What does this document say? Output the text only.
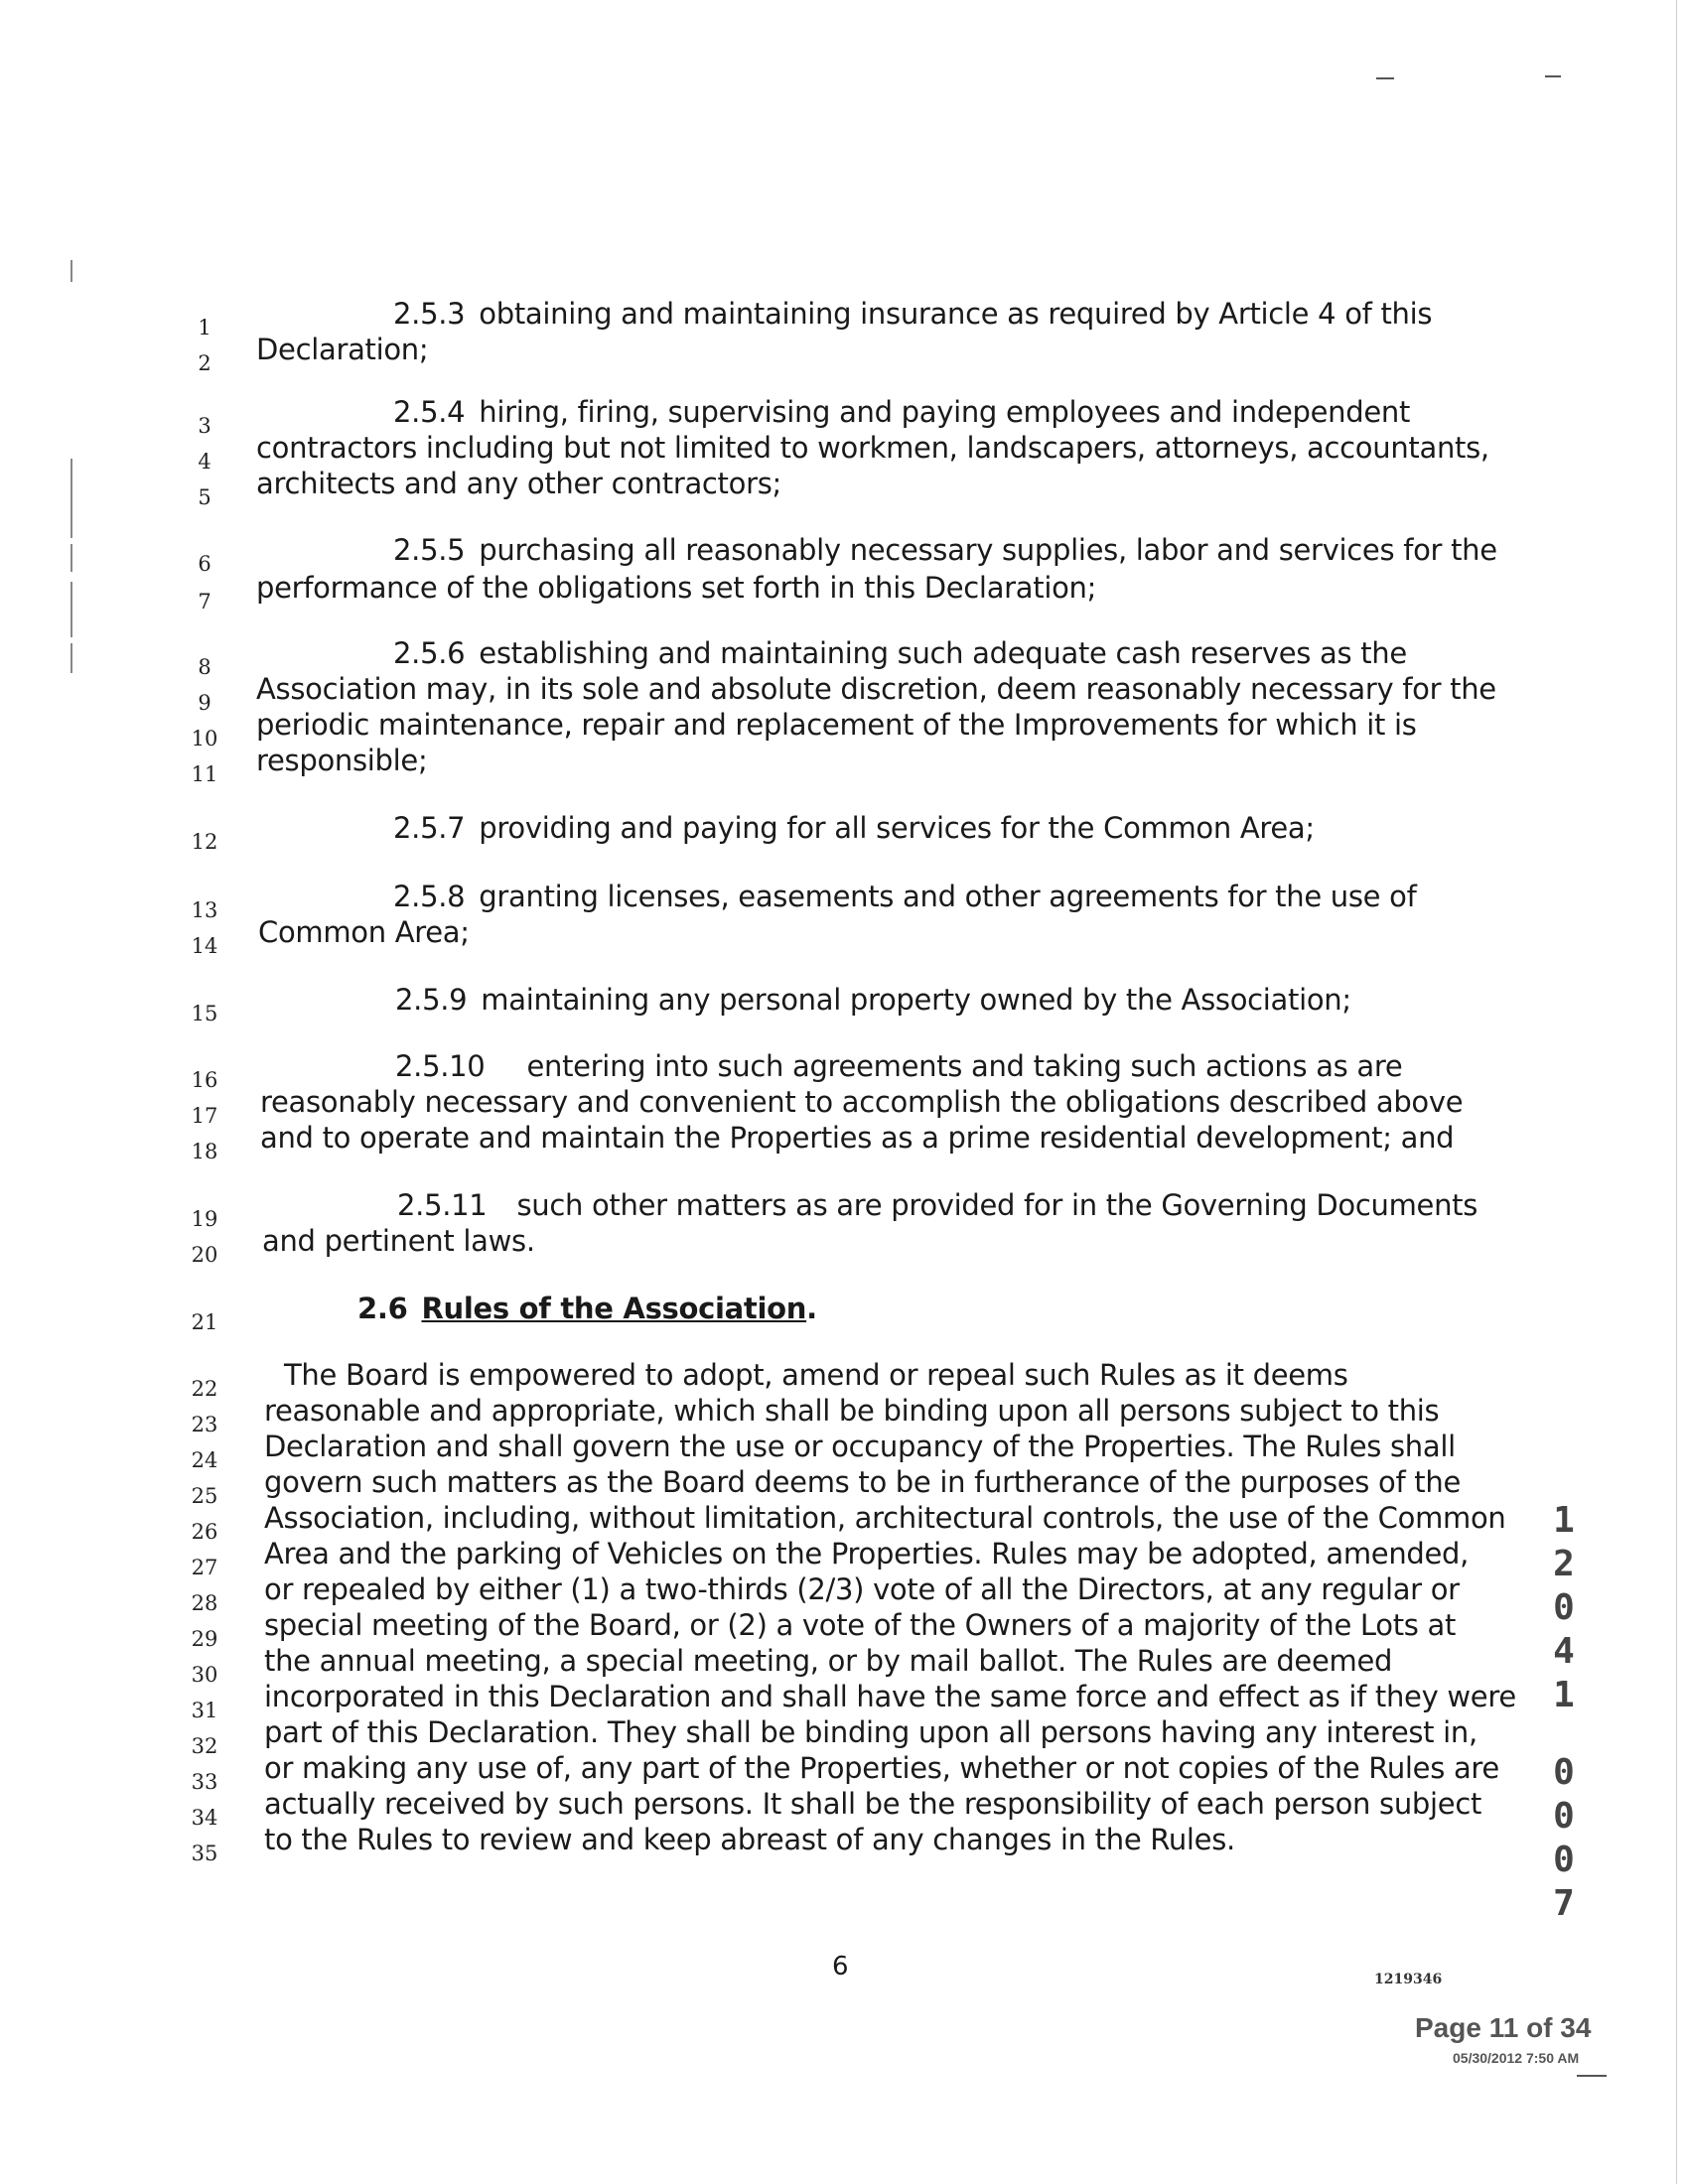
1
2
3
4
5
6
7
8
9
10
11
12
13
14
15
16
17
18
19
20
21
22
23
24
25
26
27
28
29
30
31
32
33
34
35
2.5.3 obtaining and maintaining insurance as required by Article 4 of this
Declaration;
2.5.4 hiring, firing, supervising and paying employees and independent
contractors including but not limited to workmen, landscapers, attorneys, accountants,
architects and any other contractors;
2.5.5 purchasing all reasonably necessary supplies, labor and services for the
performance of the obligations set forth in this Declaration;
2.5.6 establishing and maintaining such adequate cash reserves as the
Association may, in its sole and absolute discretion, deem reasonably necessary for the
periodic maintenance, repair and replacement of the Improvements for which it is
responsible;
2.5.7 providing and paying for all services for the Common Area;
2.5.8 granting licenses, easements and other agreements for the use of
Common Area;
2.5.9 maintaining any personal property owned by the Association;
2.5.10 entering into such agreements and taking such actions as are
reasonably necessary and convenient to accomplish the obligations described above
and to operate and maintain the Properties as a prime residential development; and
2.5.11 such other matters as are provided for in the Governing Documents
and pertinent laws.
2.6 Rules of the Association.
The Board is empowered to adopt, amend or repeal such Rules as it deems
reasonable and appropriate, which shall be binding upon all persons subject to this
Declaration and shall govern the use or occupancy of the Properties. The Rules shall
govern such matters as the Board deems to be in furtherance of the purposes of the
Association, including, without limitation, architectural controls, the use of the Common
Area and the parking of Vehicles on the Properties. Rules may be adopted, amended,
or repealed by either (1) a two-thirds (2/3) vote of all the Directors, at any regular or
special meeting of the Board, or (2) a vote of the Owners of a majority of the Lots at
the annual meeting, a special meeting, or by mail ballot. The Rules are deemed
incorporated in this Declaration and shall have the same force and effect as if they were
part of this Declaration. They shall be binding upon all persons having any interest in,
or making any use of, any part of the Properties, whether or not copies of the Rules are
actually received by such persons. It shall be the responsibility of each person subject
to the Rules to review and keep abreast of any changes in the Rules.
1
2
0
4
1
0
0
0
7
6	1219346
Page 11 of 34
05/30/2012 7:50 AM
